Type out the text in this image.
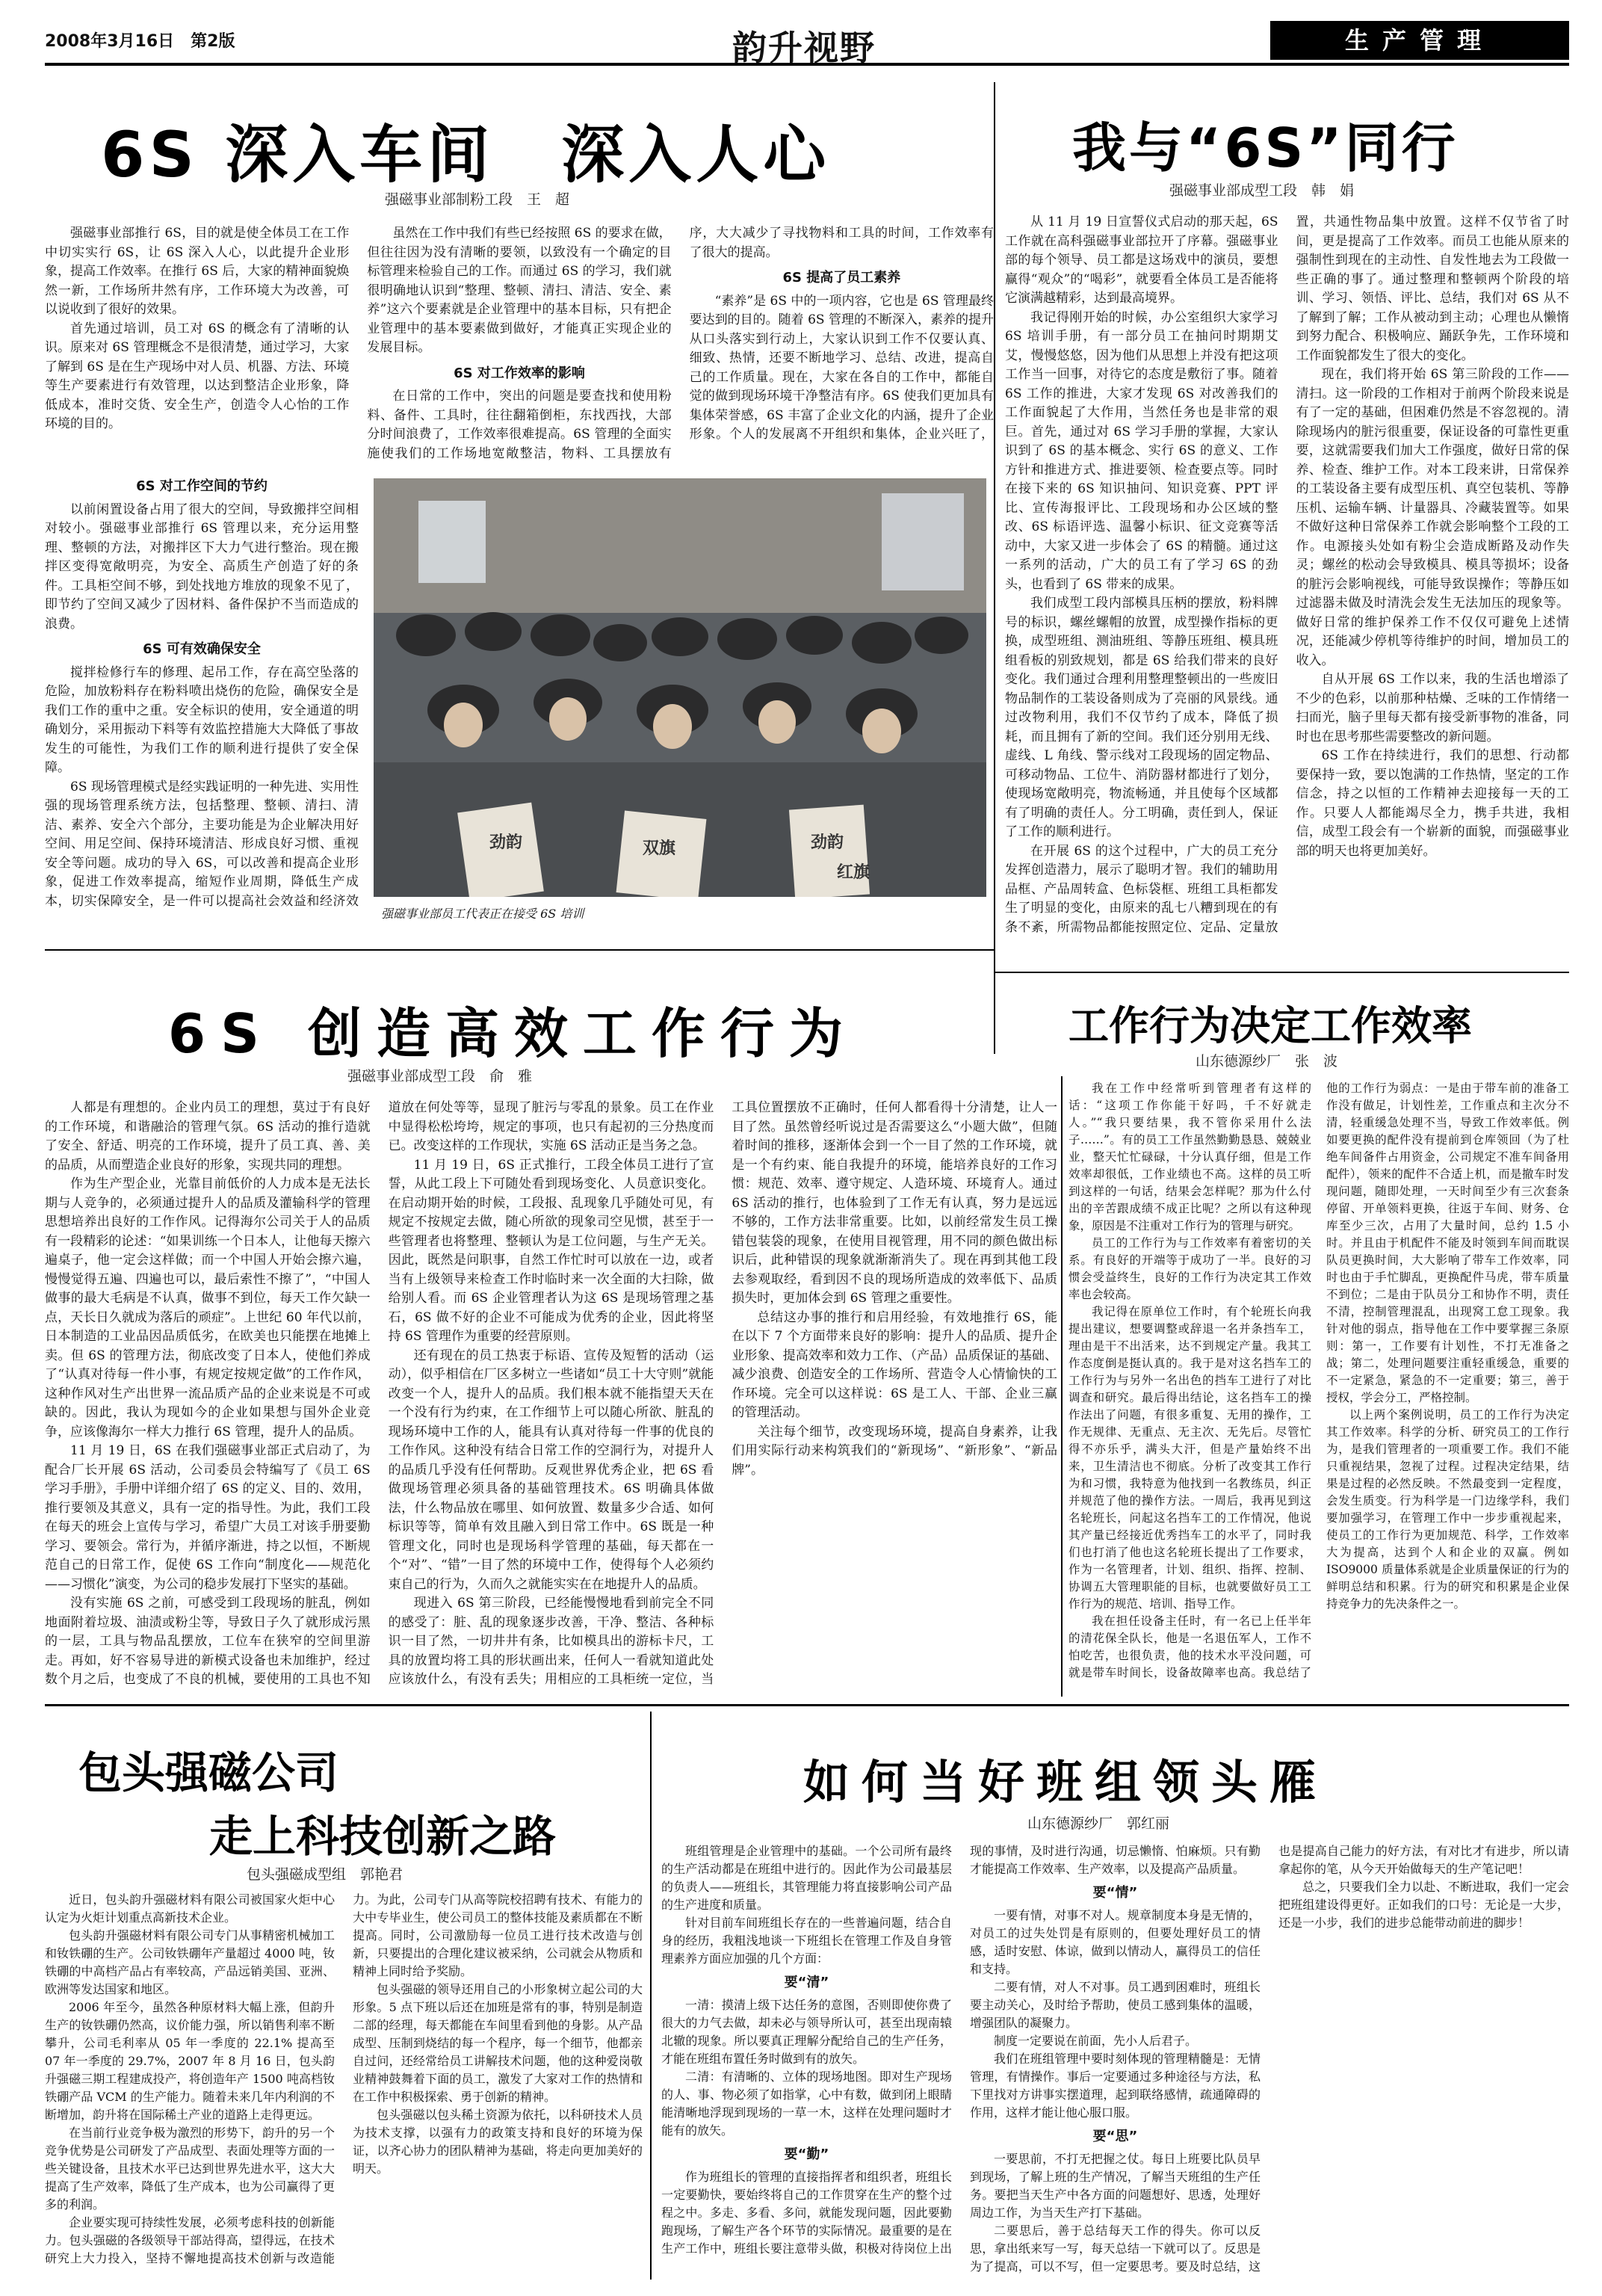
2008年3月16日　第2版	韵升视野	生产管理
6S 深入车间　深入人心
强磁事业部制粉工段　王　超

强磁事业部推行 6S，目的就是使全体员工在工作中切实实行 6S，让 6S 深入人心，以此提升企业形象，提高工作效率。在推行 6S 后，大家的精神面貌焕然一新，工作场所井然有序，工作环境大为改善，可以说收到了很好的效果。

首先通过培训，员工对 6S 的概念有了清晰的认识。原来对 6S 管理概念不是很清楚，通过学习，大家了解到 6S 是在生产现场中对人员、机器、方法、环境等生产要素进行有效管理，以达到整洁企业形象，降低成本，准时交货、安全生产，创造令人心怡的工作环境的目的。

虽然在工作中我们有些已经按照 6S 的要求在做，但往往因为没有清晰的要领，以致没有一个确定的目标管理来检验自己的工作。而通过 6S 的学习，我们就很明确地认识到“整理、整顿、清扫、清洁、安全、素养”这六个要素就是企业管理中的基本目标，只有把企业管理中的基本要素做到做好，才能真正实现企业的发展目标。

6S 对工作效率的影响

在日常的工作中，突出的问题是要查找和使用粉料、备件、工具时，往往翻箱倒柜，东找西找，大部分时间浪费了，工作效率很难提高。6S 管理的全面实施使我们的工作场地宽敞整洁，物料、工具摆放有序，大大减少了寻找物料和工具的时间，工作效率有了很大的提高。

6S 提高了员工素养

“素养”是 6S 中的一项内容，它也是 6S 管理最终要达到的目的。随着 6S 管理的不断深入，素养的提升从口头落实到行动上，大家认识到工作不仅要认真、细致、热情，还要不断地学习、总结、改进，提高自己的工作质量。现在，大家在各自的工作中，都能自觉的做到现场环境干净整洁有序。6S 使我们更加具有集体荣誉感，6S 丰富了企业文化的内涵，提升了企业形象。个人的发展离不开组织和集体，企业兴旺了，

6S 对工作空间的节约

以前闲置设备占用了很大的空间，导致搬拌空间相对较小。强磁事业部推行 6S 管理以来，充分运用整理、整顿的方法，对搬拌区下大力气进行整治。现在搬拌区变得宽敞明亮，为安全、高质生产创造了好的条件。工具柜空间不够，到处找地方堆放的现象不见了，即节约了空间又减少了因材料、备件保护不当而造成的浪费。

6S 可有效确保安全

搅拌检修行车的修理、起吊工作，存在高空坠落的危险，加放粉料存在粉料喷出烧伤的危险，确保安全是我们工作的重中之重。安全标识的使用，安全通道的明确划分，采用振动下料等有效监控措施大大降低了事故发生的可能性，为我们工作的顺利进行提供了安全保障。

6S 现场管理模式是经实践证明的一种先进、实用性强的现场管理系统方法，包括整理、整顿、清扫、清洁、素养、安全六个部分，主要功能是为企业解决用好空间、用足空间、保持环境清洁、形成良好习惯、重视安全等问题。成功的导入 6S，可以改善和提高企业形象，促进工作效率提高，缩短作业周期，降低生产成本，切实保障安全，是一件可以提高社会效益和经济效

劲韵	双旗	劲韵
红旗
强磁事业部员工代表正在接受 6S 培训
我与“6S”同行
强磁事业部成型工段　韩　娟

从 11 月 19 日宣誓仪式启动的那天起，6S 工作就在高科强磁事业部拉开了序幕。强磁事业部的每个领导、员工都是这场戏中的演员，要想赢得“观众”的“喝彩”，就要看全体员工是否能将它演满越精彩，达到最高境界。

我记得刚开始的时候，办公室组织大家学习 6S 培训手册，有一部分员工在抽问时期期艾艾，慢慢悠悠，因为他们从思想上并没有把这项工作当一回事，对待它的态度是敷衍了事。随着 6S 工作的推进，大家才发现 6S 对改善我们的工作面貌起了大作用，当然任务也是非常的艰巨。首先，通过对 6S 学习手册的掌握，大家认识到了 6S 的基本概念、实行 6S 的意义、工作方针和推进方式、推进要领、检查要点等。同时在接下来的 6S 知识抽问、知识竞赛、PPT 评比、宣传海报评比、工段现场和办公区域的整改、6S 标语评选、温馨小标识、征文竞赛等活动中，大家又进一步体会了 6S 的精髓。通过这一系列的活动，广大的员工有了学习 6S 的劲头，也看到了 6S 带来的成果。

我们成型工段内部模具压柄的摆放，粉料牌号的标识，螺丝螺帽的放置，成型操作指标的更换，成型班组、测油班组、等静压班组、模具班组看板的别致规划，都是 6S 给我们带来的良好变化。我们通过合理利用整理整顿出的一些废旧物品制作的工装设备则成为了亮丽的风景线。通过改物利用，我们不仅节约了成本，降低了损耗，而且拥有了新的空间。我们还分别用无线、虚线、L 角线、警示线对工段现场的固定物品、可移动物品、工位牛、消防器材都进行了划分，使现场宽敞明亮，物流畅通，并且使每个区域都有了明确的责任人。分工明确，责任到人，保证了工作的顺利进行。

在开展 6S 的这个过程中，广大的员工充分发挥创造潜力，展示了聪明才智。我们的辅助用品框、产品周转盒、色标袋框、班组工具柜都发生了明显的变化，由原来的乱七八糟到现在的有条不紊，所需物品都能按照定位、定品、定量放置，共通性物品集中放置。这样不仅节省了时间，更是提高了工作效率。而员工也能从原来的强制性到现在的主动性、自发性地去为工段做一些正确的事了。通过整理和整顿两个阶段的培训、学习、领悟、评比、总结，我们对 6S 从不了解到了解；工作从被动到主动；心理也从懒惰到努力配合、积极响应、踊跃争先，工作环境和工作面貌都发生了很大的变化。

现在，我们将开始 6S 第三阶段的工作——清扫。这一阶段的工作相对于前两个阶段来说是有了一定的基础，但困难仍然是不容忽视的。清除现场内的脏污很重要，保证设备的可靠性更重要，这就需要我们加大工作强度，做好日常的保养、检查、维护工作。对本工段来讲，日常保养的工装设备主要有成型压机、真空包装机、等静压机、运输车辆、计量器具、冷藏装置等。如果不做好这种日常保养工作就会影响整个工段的工作。电源接头处如有粉尘会造成断路及动作失灵；螺丝的松动会导致模具、模具等损坏；设备的脏污会影响视线，可能导致误操作；等静压如过滤器未做及时清洗会发生无法加压的现象等。做好日常的维护保养工作不仅仅可避免上述情况，还能减少停机等待维护的时间，增加员工的收入。

自从开展 6S 工作以来，我的生活也增添了不少的色彩，以前那种枯燥、乏味的工作情绪一扫而光，脑子里每天都有接受新事物的准备，同时也在思考那些需要整改的新问题。

6S 工作在持续进行，我们的思想、行动都要保持一致，要以饱满的工作热情，坚定的工作信念，持之以恒的工作精神去迎接每一天的工作。只要人人都能竭尽全力，携手共进，我相信，成型工段会有一个崭新的面貌，而强磁事业部的明天也将更加美好。

6S 创造高效工作行为
强磁事业部成型工段　俞　雅

人都是有理想的。企业内员工的理想，莫过于有良好的工作环境，和谐融洽的管理气氛。6S 活动的推行造就了安全、舒适、明亮的工作环境，提升了员工真、善、美的品质，从而塑造企业良好的形象，实现共同的理想。

作为生产型企业，光靠目前低价的人力成本是无法长期与人竞争的，必须通过提升人的品质及灌输科学的管理思想培养出良好的工作作风。记得海尔公司关于人的品质有一段精彩的论述：“如果训练一个日本人，让他每天擦六遍桌子，他一定会这样做；而一个中国人开始会擦六遍，慢慢觉得五遍、四遍也可以，最后索性不擦了”，“中国人做事的最大毛病是不认真，做事不到位，每天工作欠缺一点，天长日久就成为落后的顽症”。上世纪 60 年代以前，日本制造的工业品因品质低劣，在欧美也只能摆在地摊上卖。但 6S 的管理方法，彻底改变了日本人，使他们养成了“认真对待每一件小事，有规定按规定做”的工作作风，这种作风对生产出世界一流品质产品的企业来说是不可或缺的。因此，我认为现如今的企业如果想与国外企业竞争，应该像海尔一样大力推行 6S 管理，提升人的品质。

11 月 19 日，6S 在我们强磁事业部正式启动了，为配合厂长开展 6S 活动，公司委员会特编写了《员工 6S 学习手册》，手册中详细介绍了 6S 的定义、目的、效用，推行要领及其意义，具有一定的指导性。为此，我们工段在每天的班会上宣传与学习，希望广大员工对该手册要勤学习、要领会。常行为，并循序渐进，持之以恒，不断规范自己的日常工作，促使 6S 工作向“制度化——规范化——习惯化”演变，为公司的稳步发展打下坚实的基础。

没有实施 6S 之前，可感受到工段现场的脏乱，例如地面附着垃圾、油渍或粉尘等，导致日子久了就形成污黑的一层，工具与物品乱摆放，工位车在狭窄的空间里游走。再如，好不容易导进的新模式设备也未加维护，经过数个月之后，也变成了不良的机械，要使用的工具也不知道放在何处等等，显现了脏污与零乱的景象。员工在作业中显得松松垮垮，规定的事项，也只有起初的三分热度而已。改变这样的工作现状，实施 6S 活动正是当务之急。

11 月 19 日，6S 正式推行，工段全体员工进行了宣誓，从此工段上下可随处看到现场变化、人员意识变化。在启动期开始的时候，工段报、乱现象几乎随处可见，有规定不按规定去做，随心所欲的现象司空见惯，甚至于一些管理者也将整理、整顿认为是工位问题，与生产无关。因此，既然是问职事，自然工作忙时可以放在一边，或者当有上级领导来检查工作时临时来一次全面的大扫除，做给别人看。而 6S 企业管理者认为这 6S 是现场管理之基石，6S 做不好的企业不可能成为优秀的企业，因此将坚持 6S 管理作为重要的经营原则。

还有现在的员工热衷于标语、宣传及短暂的活动（运动），似乎相信在厂区多树立一些诸如“员工十大守则”就能改变一个人，提升人的品质。我们根本就不能指望天天在一个没有行为约束，在工作细节上可以随心所欲、脏乱的现场环境中工作的人，能具有认真对待每一件事的优良的工作作风。这种没有结合日常工作的空洞行为，对提升人的品质几乎没有任何帮助。反观世界优秀企业，把 6S 看做现场管理必须具备的基础管理技术。6S 明确具体做法，什么物品放在哪里、如何放置、数量多少合适、如何标识等等，简单有效且融入到日常工作中。6S 既是一种管理文化，同时也是现场科学管理的基础，每天都在一个“对”、“错”一目了然的环境中工作，使得每个人必须约束自己的行为，久而久之就能实实在在地提升人的品质。

现进入 6S 第三阶段，已经能慢慢地看到前完全不同的感受了：脏、乱的现象逐步改善，干净、整洁、各种标识一目了然，一切井井有条，比如模具出的游标卡尺，工具的放置均将工具的形状画出来，任何人一看就知道此处应该放什么，有没有丢失；用相应的工具柜统一定位，当工具位置摆放不正确时，任何人都看得十分清楚，让人一目了然。虽然曾经听说过是否需要这么“小题大做”，但随着时间的推移，逐渐体会到一个一目了然的工作环境，就是一个有约束、能自我提升的环境，能培养良好的工作习惯：规范、效率、遵守规定、人造环境、环境育人。通过 6S 活动的推行，也体验到了工作无有认真，努力是远远不够的，工作方法非常重要。比如，以前经常发生员工操错包装袋的现象，在使用目视管理，用不同的颜色做出标识后，此种错误的现象就渐渐消失了。现在再到其他工段去参观取经，看到因不良的现场所造成的效率低下、品质损失时，更加体会到 6S 管理之重要性。

总结这办事的推行和启用经验，有效地推行 6S，能在以下 7 个方面带来良好的影响：提升人的品质、提升企业形象、提高效率和效力工作、（产品）品质保证的基础、减少浪费、创造安全的工作场所、营造令人心情愉快的工作环境。完全可以这样说：6S 是工人、干部、企业三赢的管理活动。

关注每个细节，改变现场环境，提高自身素养，让我们用实际行动来构筑我们的“新现场”、“新形象”、“新品牌”。

工作行为决定工作效率
山东德源纱厂　张　波

我在工作中经常听到管理者有这样的话：“这项工作你能干好吗，千不好就走人。”“我只要结果，我不管你采用什么法子……”。有的员工工作虽然勤勤恳恳、兢兢业业，整天忙忙碌碌，十分认真仔细，但是工作效率却很低，工作业绩也不高。这样的员工听到这样的一句话，结果会怎样呢？那为什么付出的辛苦跟成绩不成正比呢？之所以有这种现象，原因是不注重对工作行为的管理与研究。

员工的工作行为与工作效率有着密切的关系。有良好的开端等于成功了一半。良好的习惯会受益终生，良好的工作行为决定其工作效率也会较高。

我记得在原单位工作时，有个轮班长向我提出建议，想要调整或辞退一名并条挡车工，理由是干不出活来，达不到规定产量。我其工作态度倒是挺认真的。我于是对这名挡车工的工作行为与另外一名出色的挡车工进行了对比调查和研究。最后得出结论，这名挡车工的操作法出了问题，有很多重复、无用的操作，工作无规律、无重点、无主次、无先后。尽管忙得不亦乐乎，满头大汗，但是产量始终不出来，卫生清洁也不彻底。分析了改变其工作行为和习惯，我特意为他找到一名教练员，纠正并规范了他的操作方法。一周后，我再见到这名轮班长，问起这名挡车工的工作情况，他说其产量已经接近优秀挡车工的水平了，同时我们也打消了他也这名轮班长提出了工作要求，作为一名管理者，计划、组织、指挥、控制、协调五大管理职能的目标，也就要做好员工工作行为的规范、培训、指导工作。

我在担任设备主任时，有一名已上任半年的清花保全队长，他是一名退伍军人，工作不怕吃苦，也很负责，他的技术水平没问题，可就是带车时间长，设备故障率也高。我总结了他的工作行为弱点：一是由于带车前的准备工作没有做足，计划性差，工作重点和主次分不清，轻重缓急处理不当，导致工作效率低。例如要更换的配件没有提前到仓库领回（为了杜绝车间备件占用资金，公司规定不准车间备用配件），领来的配件不合适上机，而是撤车时发现问题，随即处理，一天时间至少有三次套条停留、开单领料更换，往返于车间、财务、仓库至少三次，占用了大量时间，总约 1.5 小时。并且由于机配件不能及时领到车间而耽误队员更换时间，大大影响了带车工作效率，同时也由于手忙脚乱，更换配件马虎，带车质量不到位；二是由于队员分工和协作不明，责任不清，控制管理混乱，出现窝工怠工现象。我针对他的弱点，指导他在工作中要掌握三条原则：第一，工作要有计划性，不打无准备之战；第二，处理问题要注重轻重缓急，重要的不一定紧急，紧急的不一定重要；第三，善于授权，学会分工，严格控制。

以上两个案例说明，员工的工作行为决定其工作效率。科学的分析、研究员工的工作行为，是我们管理者的一项重要工作。我们不能只重视结果，忽视了过程。过程决定结果，结果是过程的必然反映。不然最变到一定程度，会发生质变。行为科学是一门边缘学科，我们要加强学习，在管理工作中一步步重视起来，使员工的工作行为更加规范、科学，工作效率大为提高，达到个人和企业的双赢。例如 ISO9000 质量体系就是企业质量保证的行为的鲜明总结和积累。行为的研究和积累是企业保持竞争力的先决条件之一。

包头强磁公司
走上科技创新之路
包头强磁成型组　郭艳君

近日，包头韵升强磁材料有限公司被国家火炬中心认定为火炬计划重点高新技术企业。

包头韵升强磁材料有限公司专门从事精密机械加工和钕铁硼的生产。公司钕铁硼年产量超过 4000 吨，钕铁硼的中高档产品占有率较高，产品远销美国、亚洲、欧洲等发达国家和地区。

2006 年至今，虽然各种原材料大幅上涨，但韵升生产的钕铁硼仍然高，议价能力强，所以销售利率不断攀升，公司毛利率从 05 年一季度的 22.1% 提高至 07 年一季度的 29.7%，2007 年 8 月 16 日，包头韵升强磁三期工程建成投产，将创造年产 1500 吨高档钕铁硼产品 VCM 的生产能力。随着未来几年内利润的不断增加，韵升将在国际稀土产业的道路上走得更远。

在当前行业竞争极为激烈的形势下，韵升的另一个竞争优势是公司研发了产品成型、表面处理等方面的一些关键设备，且技术水平已达到世界先进水平，这大大提高了生产效率，降低了生产成本，也为公司赢得了更多的利润。

企业要实现可持续性发展，必须考虑科技的创新能力。包头强磁的各级领导干部站得高，望得远，在技术研究上大力投入，坚持不懈地提高技术创新与改造能力。为此，公司专门从高等院校招聘有技术、有能力的大中专毕业生，使公司员工的整体技能及素质都在不断提高。同时，公司激励每一位员工进行技术改造与创新，只要提出的合理化建议被采纳，公司就会从物质和精神上同时给予奖励。

包头强磁的领导还用自己的小形象树立起公司的大形象。5 点下班以后还在加班是常有的事，特别是制造二部的经理，每天都能在车间里看到他的身影。从产品成型、压制到烧结的每一个程序，每一个细节，他都亲自过问，还经常给员工讲解技术问题，他的这种爱岗敬业精神鼓舞着下面的员工，激发了大家对工作的热情和在工作中积极探索、勇于创新的精神。

包头强磁以包头稀土资源为依托，以科研技术人员为技术支撑，以强有力的政策支持和良好的环境为保证，以齐心协力的团队精神为基础，将走向更加美好的明天。

如何当好班组领头雁
山东德源纱厂　郭红丽

班组管理是企业管理中的基础。一个公司所有最终的生产活动都是在班组中进行的。因此作为公司最基层的负责人——班组长，其管理能力将直接影响公司产品的生产进度和质量。

针对目前车间班组长存在的一些普遍问题，结合自身的经历，我粗浅地谈一下班组长在管理工作及自身管理素养方面应加强的几个方面：

要“清”

一清：摸清上级下达任务的意图，否则即使你费了很大的力气去做，却未必与领导所认可，甚至出现南辕北辙的现象。所以要真正理解分配给自己的生产任务，才能在班组布置任务时做到有的放矢。

二清：有清晰的、立体的现场地图。即对生产现场的人、事、物必须了如指掌，心中有数，做到闭上眼睛能清晰地浮现到现场的一草一木，这样在处理问题时才能有的放矢。

要“勤”

作为班组长的管理的直接指挥者和组织者，班组长一定要勤快，要始终将自己的工作贯穿在生产的整个过程之中。多走、多看、多问，就能发现问题，因此要勤跑现场，了解生产各个环节的实际情况。最重要的是在生产工作中，班组长要注意带头做，积极对待岗位上出现的事情，及时进行沟通，切忌懒惰、怕麻烦。只有勤才能提高工作效率、生产效率，以及提高产品质量。

要“情”

一要有情，对事不对人。规章制度本身是无情的，对员工的过失处罚是有原则的，但要处理好员工的情感，适时安慰、体谅，做到以情动人，赢得员工的信任和支持。

二要有情，对人不对事。员工遇到困难时，班组长要主动关心，及时给予帮助，使员工感到集体的温暖，增强团队的凝聚力。

制度一定要说在前面，先小人后君子。

我们在班组管理中要时刻体现的管理精髓是：无情管理，有情操作。事后一定要通过多种途径与方法，私下里找对方讲事实摆道理，起到联络感情，疏通障碍的作用，这样才能让他心服口服。

要“思”

一要思前，不打无把握之仗。每日上班要比队员早到现场，了解上班的生产情况，了解当天班组的生产任务。要把当天生产中各方面的问题想好、思透，处理好周边工作，为当天生产打下基础。

二要思后，善于总结每天工作的得失。你可以反思，拿出纸来写一写，每天总结一下就可以了。反思是为了提高，可以不写，但一定要思考。要及时总结，这也是提高自己能力的好方法，有对比才有进步，所以请拿起你的笔，从今天开始做每天的生产笔记吧！

总之，只要我们全力以赴、不断进取，我们一定会把班组建设得更好。正如我们的口号：无论是一大步，还是一小步，我们的进步总能带动前进的脚步！
